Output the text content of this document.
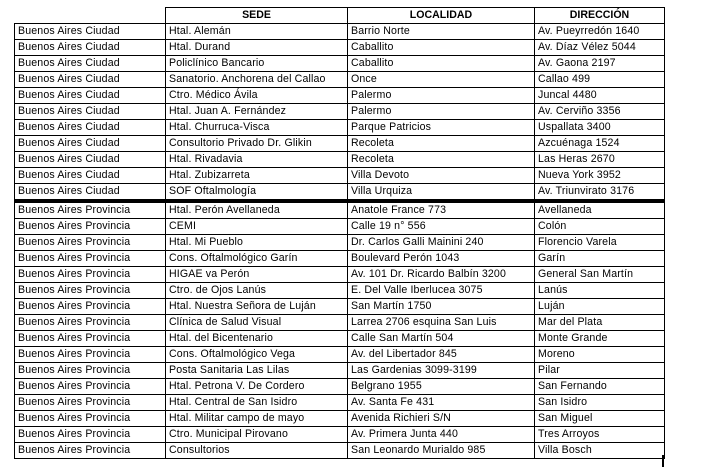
	SEDE	LOCALIDAD	DIRECCIÓN
Buenos Aires Ciudad	Htal. Alemán	Barrio Norte	Av. Pueyrredón 1640
Buenos Aires Ciudad	Htal. Durand	Caballito	Av. Díaz Vélez 5044
Buenos Aires Ciudad	Policlínico Bancario	Caballito	Av. Gaona 2197
Buenos Aires Ciudad	Sanatorio. Anchorena del Callao	Once	Callao 499
Buenos Aires Ciudad	Ctro. Médico Ávila	Palermo	Juncal 4480
Buenos Aires Ciudad	Htal. Juan A. Fernández	Palermo	Av. Cerviño 3356
Buenos Aires Ciudad	Htal. Churruca-Visca	Parque Patricios	Uspallata 3400
Buenos Aires Ciudad	Consultorio Privado Dr. Glikin	Recoleta	Azcuénaga 1524
Buenos Aires Ciudad	Htal. Rivadavia	Recoleta	Las Heras 2670
Buenos Aires Ciudad	Htal. Zubizarreta	Villa Devoto	Nueva York 3952
Buenos Aires Ciudad	SOF Oftalmología	Villa Urquiza	Av. Triunvirato 3176
Buenos Aires Provincia	Htal. Perón Avellaneda	Anatole France 773	Avellaneda
Buenos Aires Provincia	CEMI	Calle 19 n° 556	Colón
Buenos Aires Provincia	Htal. Mi Pueblo	Dr. Carlos Galli Mainini 240	Florencio Varela
Buenos Aires Provincia	Cons. Oftalmológico Garín	Boulevard Perón 1043	Garín
Buenos Aires Provincia	HIGAE va Perón	Av. 101 Dr. Ricardo Balbín 3200	General San Martín
Buenos Aires Provincia	Ctro. de Ojos Lanús	E. Del Valle Iberlucea 3075	Lanús
Buenos Aires Provincia	Htal. Nuestra Señora de Luján	San Martín 1750	Luján
Buenos Aires Provincia	Clínica de Salud Visual	Larrea 2706 esquina San Luis	Mar del Plata
Buenos Aires Provincia	Htal. del Bicentenario	Calle San Martín 504	Monte Grande
Buenos Aires Provincia	Cons. Oftalmológico Vega	Av. del Libertador 845	Moreno
Buenos Aires Provincia	Posta Sanitaria Las Lilas	Las Gardenias 3099-3199	Pilar
Buenos Aires Provincia	Htal. Petrona V. De Cordero	Belgrano 1955	San Fernando
Buenos Aires Provincia	Htal. Central de San Isidro	Av. Santa Fe 431	San Isidro
Buenos Aires Provincia	Htal. Militar campo de mayo	Avenida Richieri S/N	San Miguel
Buenos Aires Provincia	Ctro. Municipal Pirovano	Av. Primera Junta 440	Tres Arroyos
Buenos Aires Provincia	Consultorios	San Leonardo Murialdo 985	Villa Bosch
